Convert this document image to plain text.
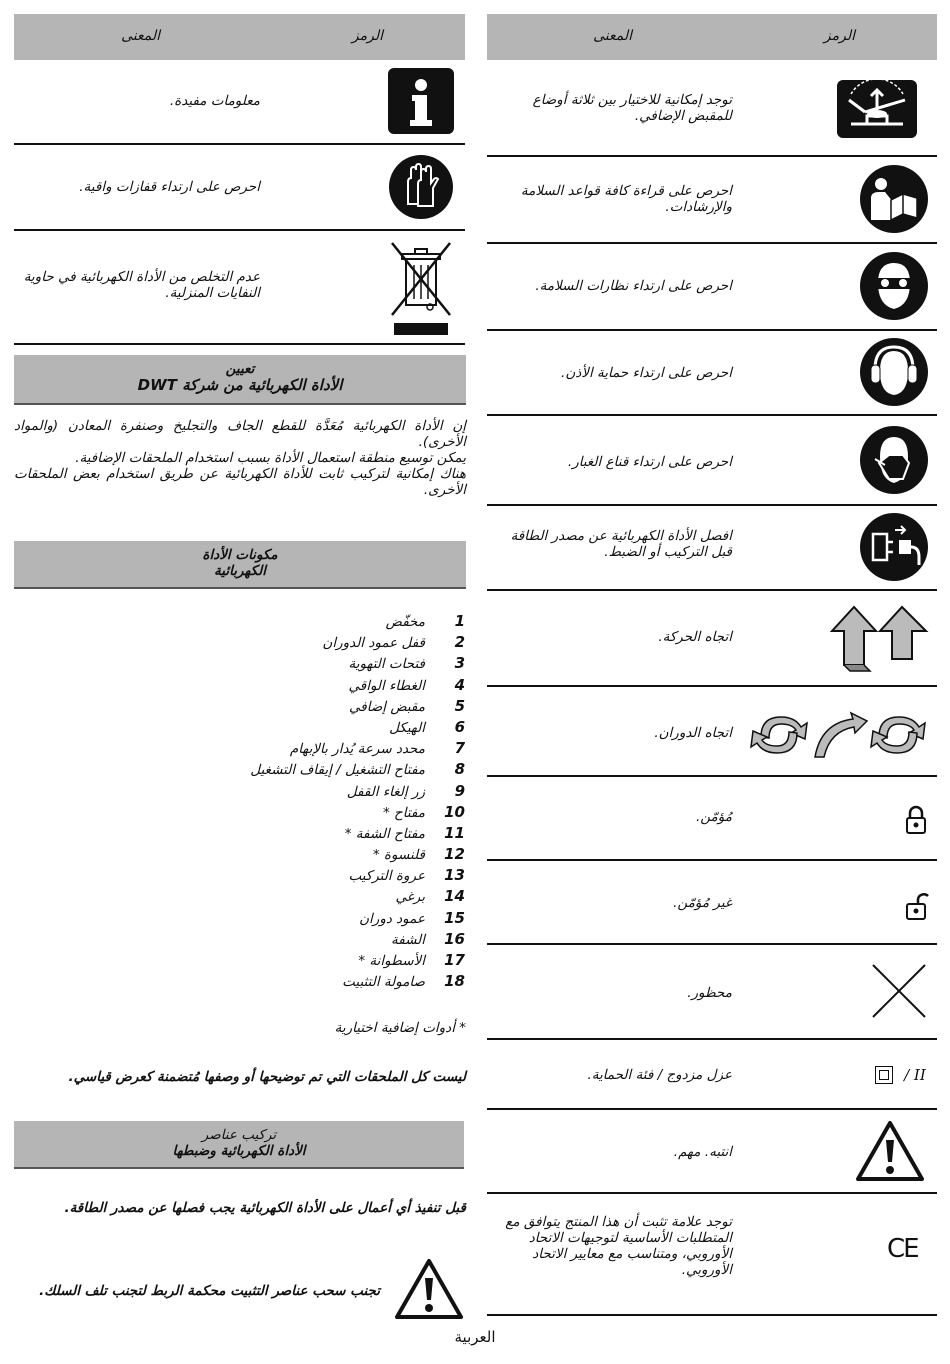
الرمز
المعنى	الرمز
المعنى
معلومات مفيدة.
احرص على ارتداء قفازات واقية.
عدم التخلص من الأداة الكهربائية في حاوية النفايات المنزلية.
تعيين
الأداة الكهربائية من شركة DWT
إن الأداة الكهربائية مُعَدَّة للقطع الجاف والتجليخ وصنفرة المعادن (والمواد الأخرى).
يمكن توسيع منطقة استعمال الأداة بسبب استخدام الملحقات الإضافية.
هناك إمكانية لتركيب ثابت للأداة الكهربائية عن طريق استخدام بعض الملحقات الأخرى.
مكونات الأداة
الكهربائية
1مخفّض
2قفل عمود الدوران
3فتحات التهوية
4الغطاء الواقي
5مقبض إضافي
6الهيكل
7محدد سرعة يُدار بالإبهام
8مفتاح التشغيل / إيقاف التشغيل
9زر إلغاء القفل
10مفتاح *
11مفتاح الشفة *
12قلنسوة *
13عروة التركيب
14برغي
15عمود دوران
16الشفة
17الأسطوانة *
18صامولة التثبيت
* أدوات إضافية اختيارية
ليست كل الملحقات التي تم توضيحها أو وصفها مُتضمنة كعرض قياسي.
تركيب عناصر
الأداة الكهربائية وضبطها
قبل تنفيذ أي أعمال على الأداة الكهربائية يجب فصلها عن مصدر الطاقة.
تجنب سحب عناصر التثبيت محكمة الربط لتجنب تلف السلك.
توجد إمكانية للاختيار بين ثلاثة أوضاع للمقبض الإضافي.
احرص على قراءة كافة قواعد السلامة والإرشادات.
احرص على ارتداء نظارات السلامة.
احرص على ارتداء حماية الأذن.
احرص على ارتداء قناع الغبار.
افصل الأداة الكهربائية عن مصدر الطاقة قبل التركيب أو الضبط.
اتجاه الحركة.
اتجاه الدوران.
مُؤمّن.
غير مُؤمّن.
محظور.
عزل مزدوج / فئة الحماية.	II /
انتبه. مهم.
توجد علامة تثبت أن هذا المنتج يتوافق مع المتطلبات الأساسية لتوجيهات الاتحاد الأوروبي، ومتناسب مع معايير الاتحاد الأوروبي.
CE
العربية
